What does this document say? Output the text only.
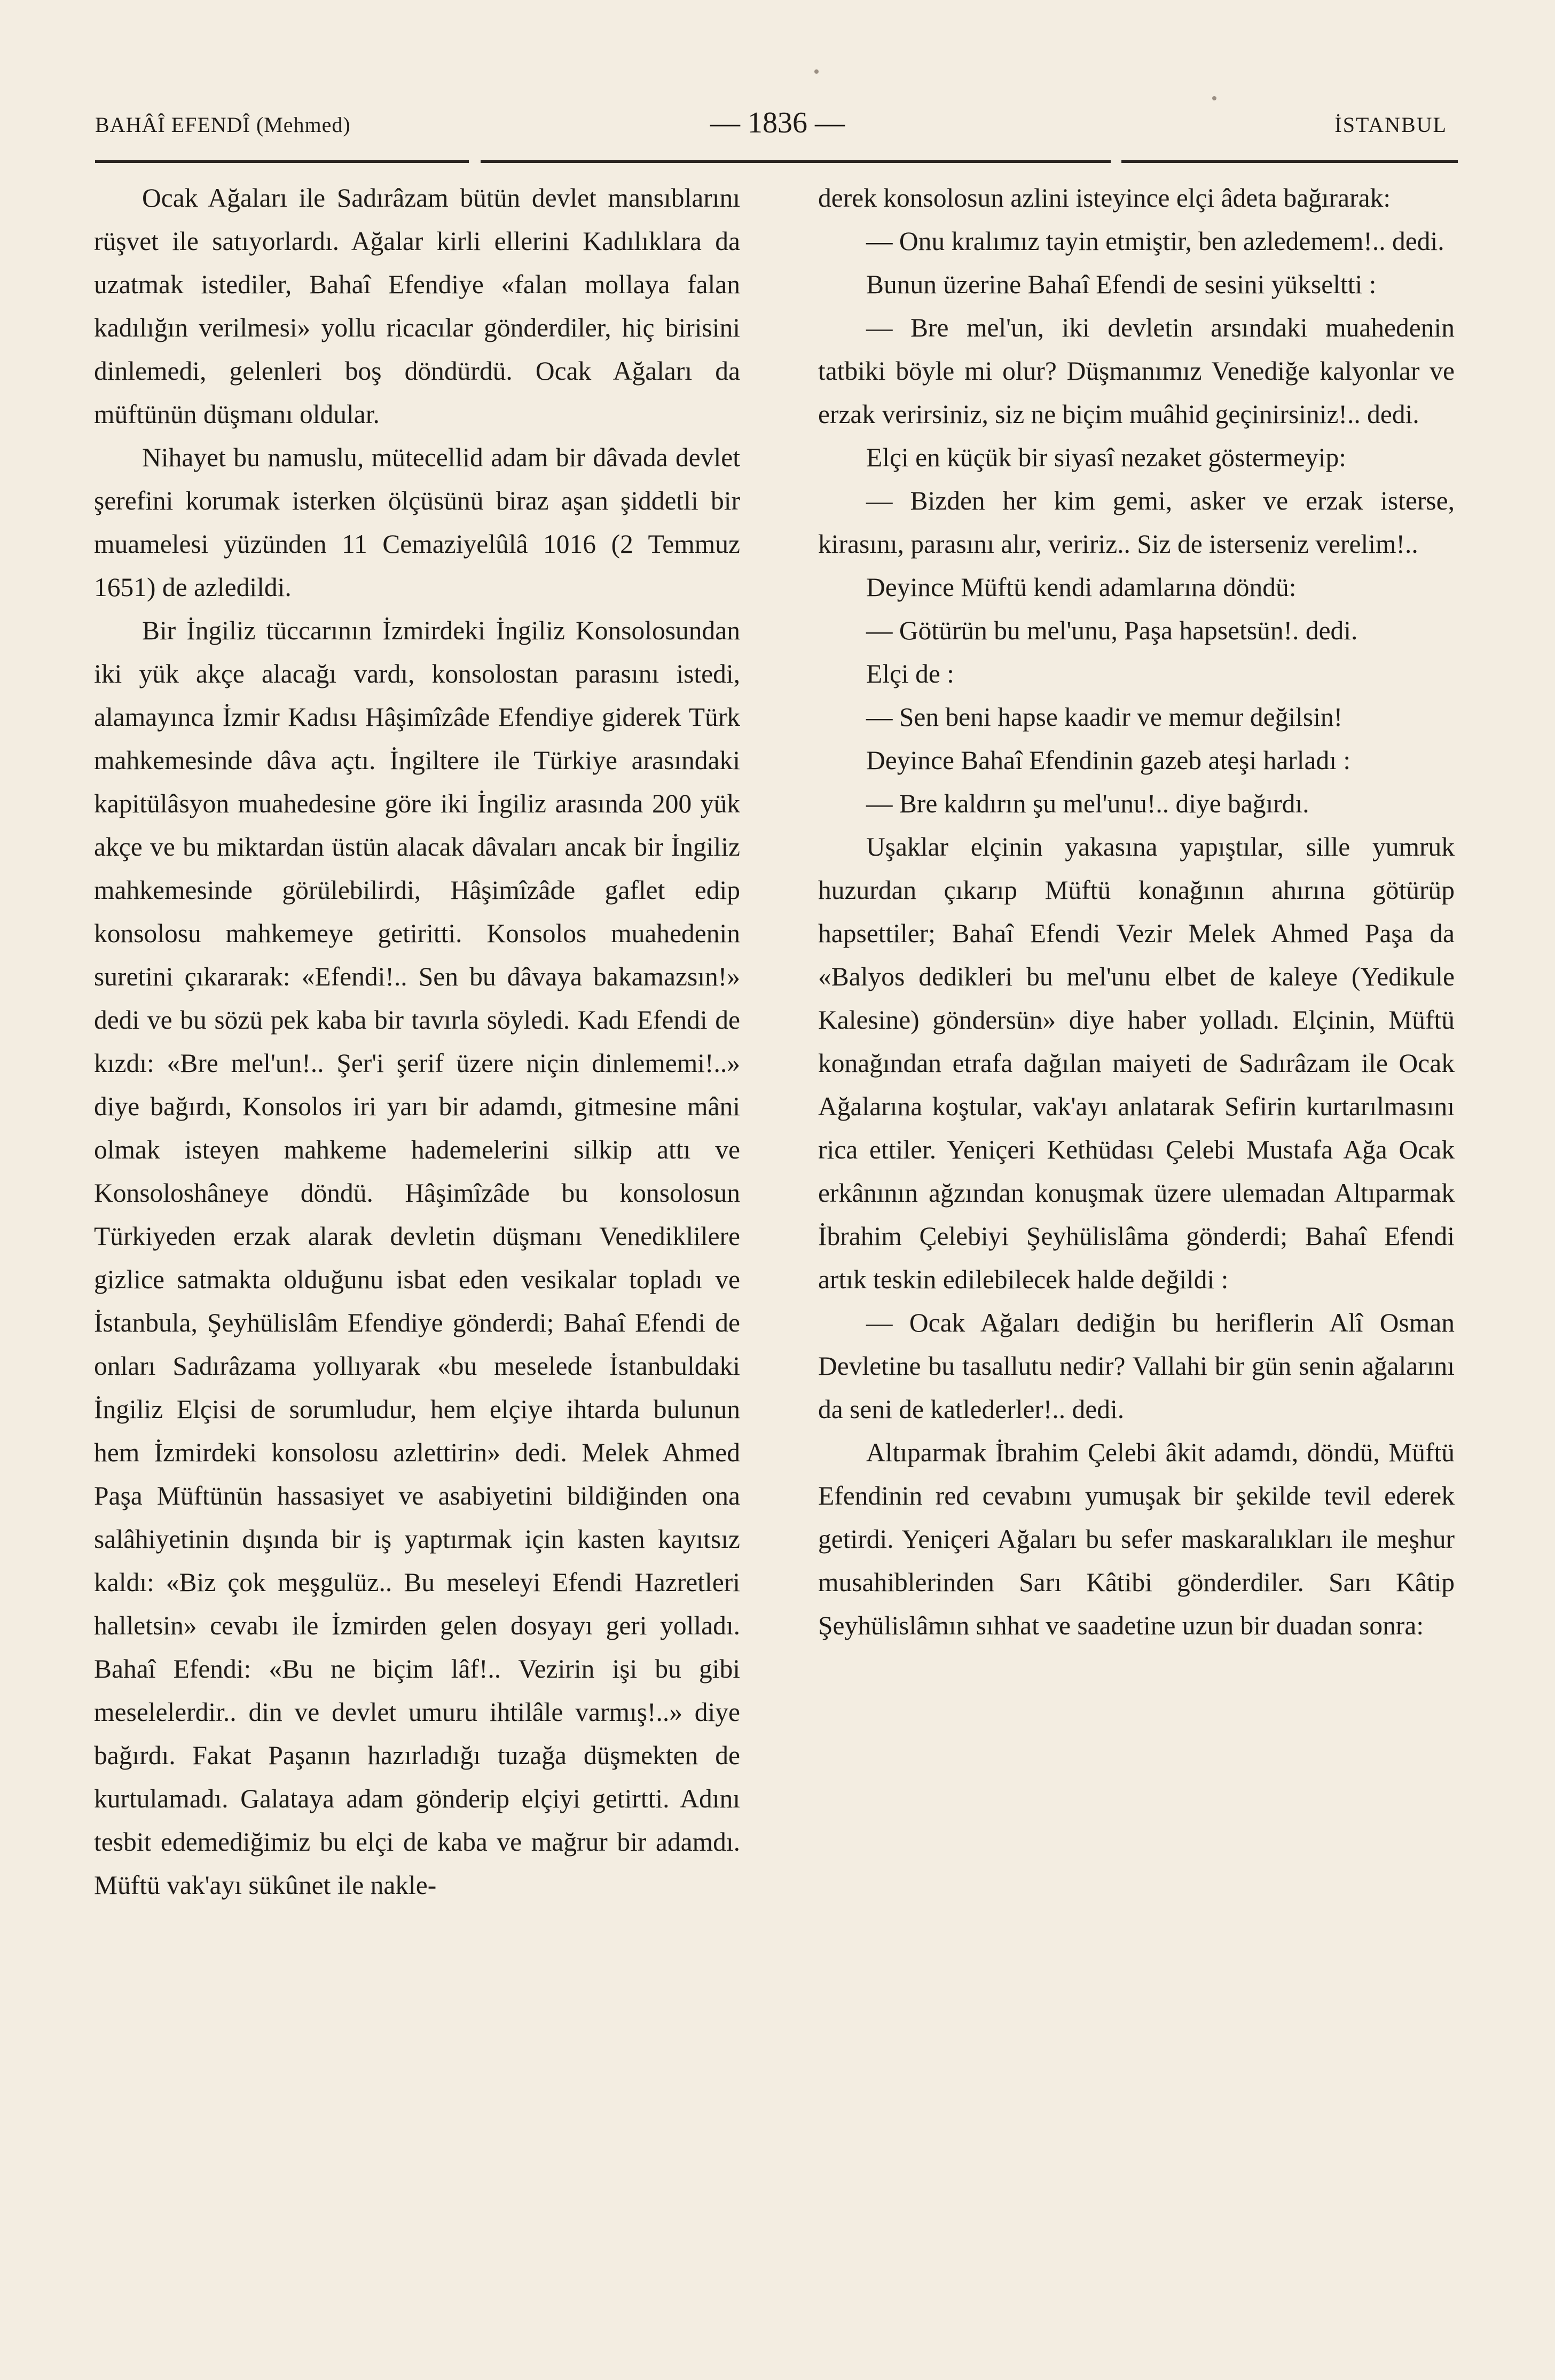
BAHÂÎ EFENDÎ (Mehmed)	— 1836 —	İSTANBUL

Ocak Ağaları ile Sadırâzam bütün devlet mansıblarını rüşvet ile satıyorlardı. Ağalar kirli ellerini Kadılıklara da uzatmak istediler, Bahaî Efendiye «falan mollaya falan kadılığın verilmesi» yollu ricacılar gönderdiler, hiç birisini dinlemedi, gelenleri boş döndürdü. Ocak Ağaları da müftünün düşmanı oldular.

Nihayet bu namuslu, mütecellid adam bir dâvada devlet şerefini korumak isterken ölçüsünü biraz aşan şiddetli bir muamelesi yüzünden 11 Cemaziyelûlâ 1016 (2 Temmuz 1651) de azledildi.

Bir İngiliz tüccarının İzmirdeki İngiliz Konsolosundan iki yük akçe alacağı vardı, konsolostan parasını istedi, alamayınca İzmir Kadısı Hâşimîzâde Efendiye giderek Türk mahkemesinde dâva açtı. İngiltere ile Türkiye arasındaki kapitülâsyon muahedesine göre iki İngiliz arasında 200 yük akçe ve bu miktardan üstün alacak dâvaları ancak bir İngiliz mahkemesinde görülebilirdi, Hâşimîzâde gaflet edip konsolosu mahkemeye getiritti. Konsolos muahedenin suretini çıkararak: «Efendi!.. Sen bu dâvaya bakamazsın!» dedi ve bu sözü pek kaba bir tavırla söyledi. Kadı Efendi de kızdı: «Bre mel'un!.. Şer'i şerif üzere niçin dinlememi!..» diye bağırdı, Konsolos iri yarı bir adamdı, gitmesine mâni olmak isteyen mahkeme hademelerini silkip attı ve Konsoloshâneye döndü. Hâşimîzâde bu konsolosun Türkiyeden erzak alarak devletin düşmanı Venediklilere gizlice satmakta olduğunu isbat eden vesikalar topladı ve İstanbula, Şeyhülislâm Efendiye gönderdi; Bahaî Efendi de onları Sadırâzama yollıyarak «bu meselede İstanbuldaki İngiliz Elçisi de sorumludur, hem elçiye ihtarda bulunun hem İzmirdeki konsolosu azlettirin» dedi. Melek Ahmed Paşa Müftünün hassasiyet ve asabiyetini bildiğinden ona salâhiyetinin dışında bir iş yaptırmak için kasten kayıtsız kaldı: «Biz çok meşgulüz.. Bu meseleyi Efendi Hazretleri halletsin» cevabı ile İzmirden gelen dosyayı geri yolladı. Bahaî Efendi: «Bu ne biçim lâf!.. Vezirin işi bu gibi meselelerdir.. din ve devlet umuru ihtilâle varmış!..» diye bağırdı. Fakat Paşanın hazırladığı tuzağa düşmekten de kurtulamadı. Galataya adam gönderip elçiyi getirtti. Adını tesbit edemediğimiz bu elçi de kaba ve mağrur bir adamdı. Müftü vak'ayı sükûnet ile nakle-

derek konsolosun azlini isteyince elçi âdeta bağırarak:

— Onu kralımız tayin etmiştir, ben azledemem!.. dedi.

Bunun üzerine Bahaî Efendi de sesini yükseltti :

— Bre mel'un, iki devletin arsındaki muahedenin tatbiki böyle mi olur? Düşmanımız Venediğe kalyonlar ve erzak verirsiniz, siz ne biçim muâhid geçinirsiniz!.. dedi.

Elçi en küçük bir siyasî nezaket göstermeyip:

— Bizden her kim gemi, asker ve erzak isterse, kirasını, parasını alır, veririz.. Siz de isterseniz verelim!..

Deyince Müftü kendi adamlarına döndü:

— Götürün bu mel'unu, Paşa hapsetsün!. dedi.

Elçi de :

— Sen beni hapse kaadir ve memur değilsin!

Deyince Bahaî Efendinin gazeb ateşi harladı :

— Bre kaldırın şu mel'unu!.. diye bağırdı.

Uşaklar elçinin yakasına yapıştılar, sille yumruk huzurdan çıkarıp Müftü konağının ahırına götürüp hapsettiler; Bahaî Efendi Vezir Melek Ahmed Paşa da «Balyos dedikleri bu mel'unu elbet de kaleye (Yedikule Kalesine) göndersün» diye haber yolladı. Elçinin, Müftü konağından etrafa dağılan maiyeti de Sadırâzam ile Ocak Ağalarına koştular, vak'ayı anlatarak Sefirin kurtarılmasını rica ettiler. Yeniçeri Kethüdası Çelebi Mustafa Ağa Ocak erkânının ağzından konuşmak üzere ulemadan Altıparmak İbrahim Çelebiyi Şeyhülislâma gönderdi; Bahaî Efendi artık teskin edilebilecek halde değildi :

— Ocak Ağaları dediğin bu heriflerin Alî Osman Devletine bu tasallutu nedir? Vallahi bir gün senin ağalarını da seni de katlederler!.. dedi.

Altıparmak İbrahim Çelebi âkit adamdı, döndü, Müftü Efendinin red cevabını yumuşak bir şekilde tevil ederek getirdi. Yeniçeri Ağaları bu sefer maskaralıkları ile meşhur musahiblerinden Sarı Kâtibi gönderdiler. Sarı Kâtip Şeyhülislâmın sıhhat ve saadetine uzun bir duadan sonra:
